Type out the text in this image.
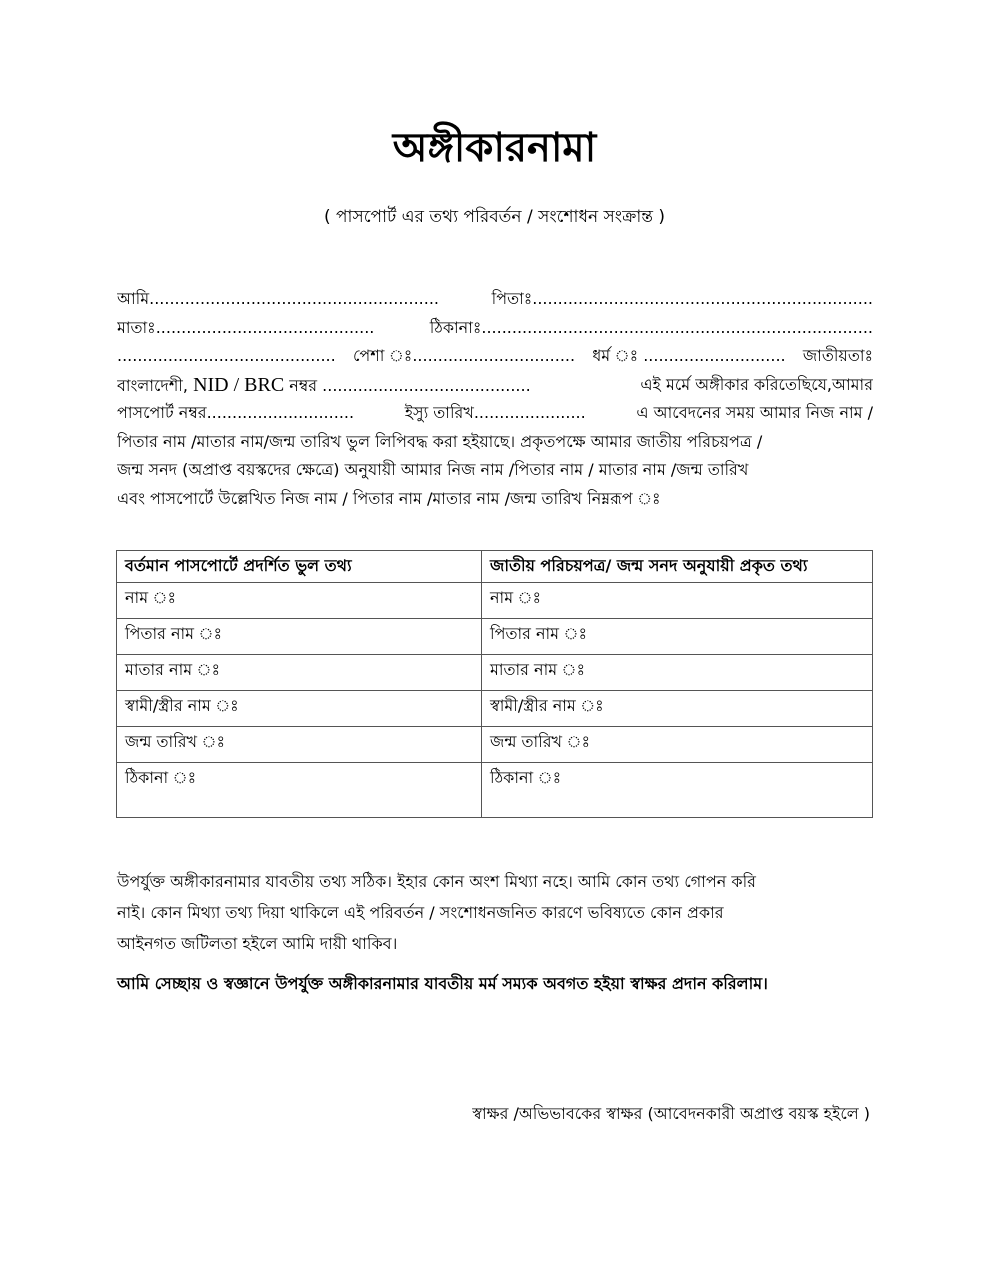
অঙ্গীকারনামা
( পাসপোর্ট এর তথ্য পরিবর্তন / সংশোধন সংক্রান্ত )
আমি.........................................................	পিতাঃ...................................................................
মাতাঃ...........................................	ঠিকানাঃ.............................................................................
........................................... পেশা ঃ................................ ধর্ম ঃ ............................ জাতীয়তাঃ
বাংলাদেশী, NID / BRC নম্বর .........................................	এই মর্মে অঙ্গীকার করিতেছিযে,আমার
পাসপোর্ট নম্বর.............................	ইস্যু তারিখ......................	এ আবেদনের সময় আমার নিজ নাম /
পিতার নাম /মাতার নাম/জন্ম তারিখ ভুল লিপিবদ্ধ করা হইয়াছে। প্রকৃতপক্ষে আমার জাতীয় পরিচয়পত্র /
জন্ম সনদ (অপ্রাপ্ত বয়স্কদের ক্ষেত্রে) অনুযায়ী আমার নিজ নাম /পিতার নাম / মাতার নাম /জন্ম তারিখ
এবং পাসপোর্টে উল্লেখিত নিজ নাম / পিতার নাম /মাতার নাম /জন্ম তারিখ নিম্নরূপ ঃ
বর্তমান পাসপোর্টে প্রদর্শিত ভুল তথ্য	জাতীয় পরিচয়পত্র/ জন্ম সনদ অনুযায়ী প্রকৃত তথ্য
নাম ঃ	নাম ঃ
পিতার নাম ঃ	পিতার নাম ঃ
মাতার নাম ঃ	মাতার নাম ঃ
স্বামী/স্ত্রীর নাম ঃ	স্বামী/স্ত্রীর নাম ঃ
জন্ম তারিখ ঃ	জন্ম তারিখ ঃ
ঠিকানা ঃ	ঠিকানা ঃ
উপর্যুক্ত অঙ্গীকারনামার যাবতীয় তথ্য সঠিক। ইহার কোন অংশ মিথ্যা নহে। আমি কোন তথ্য গোপন করি
নাই। কোন মিথ্যা তথ্য দিয়া থাকিলে এই পরিবর্তন / সংশোধনজনিত কারণে ভবিষ্যতে কোন প্রকার
আইনগত জটিলতা হইলে আমি দায়ী থাকিব।
আমি সেচ্ছায় ও স্বজ্ঞানে উপর্যুক্ত অঙ্গীকারনামার যাবতীয় মর্ম সম্যক অবগত হইয়া স্বাক্ষর প্রদান করিলাম।
স্বাক্ষর /অভিভাবকের স্বাক্ষর (আবেদনকারী অপ্রাপ্ত বয়স্ক হইলে )
